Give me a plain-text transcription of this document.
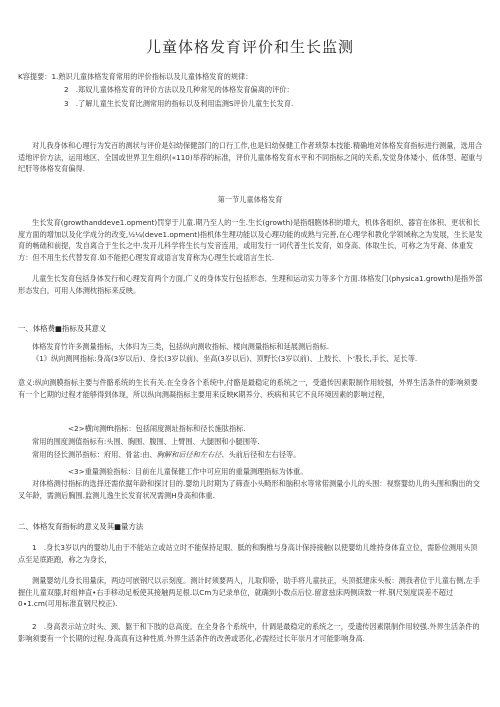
儿童体格发育评价和生长监测
K容提要：1.熟识儿童体格发育常用的评价指标以及儿童体格发育的规律：
2　.郑奴儿童体格发育的评价方法以及几种常见的体格发育偏离的评价：
3　.了解儿童生长发育比测常用的指标以及利用监测S评价儿童生长发育.
对儿我身体和心理行为发百的测状与评价是妇幼保健部门的口行工作,也是妇幼保健工作者琐祭本技能.精确地对体格发育指标进行测量，选用合适地评价方法，运用地区、全国或世界卫生组织(«110)举荐的标准，评价儿童体格发育水平和不同指标之间的关系,发觉身体矮小、低体型、超重与纪肝等体格发育偏得.
第一节儿童体格发育
生长发育(growthanddeve1.opment)罚穿于儿童.期乃至人的一生.生长(growth)是指细胞体积的增大，机体各组织、器官在体积、更状和长度方面的增加以及化学成分的改变,½¼(deve1.opment)指机体生理功能以及心理功能的成熟与完善,在心理学和教化学领域称之为发展，生长是发育的畅础和前提，发自离合于生长之中.发开儿科学将生长与发音连用，或用发行一词代普生长发育，如身高、体取生长，可称之为牙裔、体重发方：但不用生长代替发育.如不能把心理发育或语言发育称为心理生长或语言生长.
儿童生长发育包括身体发行和心理发育两个方面,广义的身体发行包括形态、生理和运动实力等多个方面.体格发门(physica1.growth)是指外部形态发白，可用人体测枕指标来反映。
一、体格费■指标及其意义
体格发育竹许多测量指标，大体归为三类，包括纵向测收指标、楼向测量指标和延展测后指标.
《1》纵向测网指标:身高(3岁以后)、身长(3岁以前)、坐高(3岁以后)、顶野长(3岁以前)、上肢长、卜‘股长,手长、足长等.
意义:纵向测膜指标主要与件骼系统的生长有关.在全身各个系统中,付骼是最稳定的系统之一，受遗传因素限制作用较强，外界生活条件的影响须要有一个匕期的过程才能够得到体现，所以纵向测凝指标主要用来反映K期养分、疾病和其它不良环境因素的影响过程，
<2>横向测fft指标：包括闹度测址指标和径长施肽指标.
常用的围度测值指标有:头围、胸围、腹围、上臂围、大腿围和小腿围等.
常用的径长测吊指标：府用、骨盆:由、胸解和后径和左右径、头前后径和左右径等。
<3>重量测验指标：目前在儿童保健工作中可应用的重量测理指标为体重。
对体格测付指标的选择还需依据年龄和探讨目的.婴幼儿时期为了筛查小头畸形和脑积水等常偌测量小儿的头围：视察婴幼儿的头围和胸出的交叉年龄，需测后胸围.监测儿逸生长发育状况需测H身高和体重.
二、体格发育指标的意义及其■量方法
1　.身长3岁以内的婴幼儿由于不能站立或站立时不能保持足眼、胝的和胸椎与身高计保持接触(以使婴幼儿维持身体直立位，需卧位测用头顶点至足底距跑，称之为身长，
测量婴幼儿身长用量床，两边可嵌钢尺以示刻度。测计时须要两人，儿取仰卧，助手将儿童扶正，头顶抵建床头板：测我者位于儿童右侧,左手握住儿童双膝,时组伸直•右手移动足板使其接触两足根.以Cm为记录单位，就确到小数点后位.留意兹床两侧读数一样.钢尺刻度误差不超过0∙1.cm(可用标准直钢尺校正).
2　.身高表示站立时头、颈、躯干和下肢的总高度。在全身各个系统中，什调是最稳定的系统之一，受遗传因素限制作用较强.外界生活条件的影响须要有一个长期的过程.身高真有这种性质.外界生活条件的改善或恶化,必需经过长年崇月才可能影响身高.
